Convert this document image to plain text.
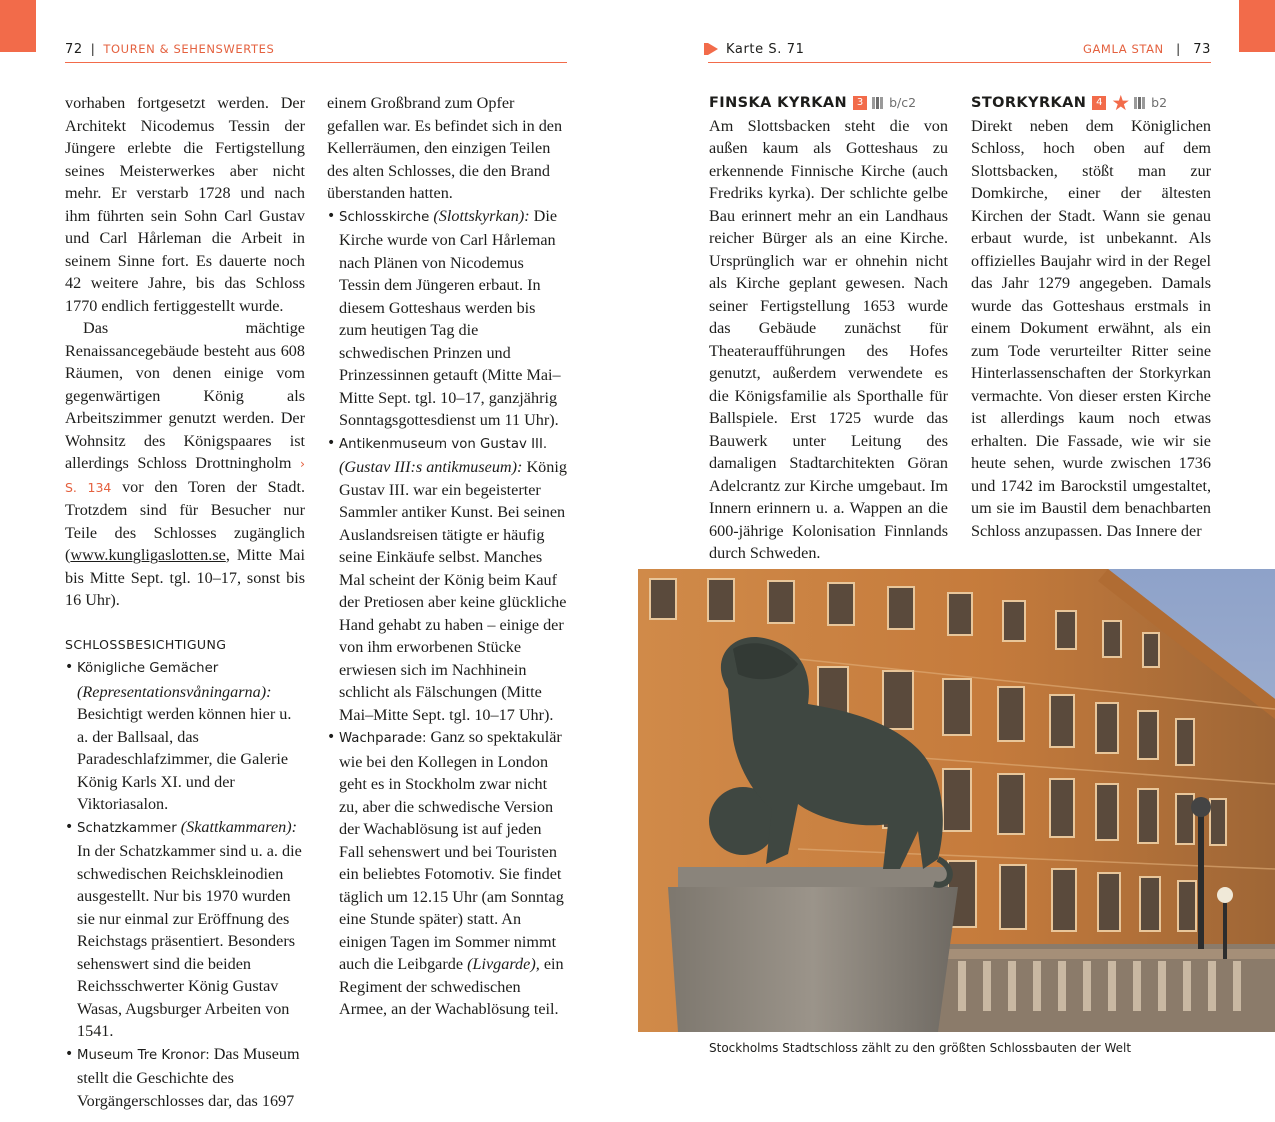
72 | TOUREN & SEHENSWERTES	Karte S. 71	GAMLA STAN | 73

vorhaben fortgesetzt werden. Der Architekt Nicodemus Tessin der Jüngere erlebte die Fertigstellung seines Meisterwerkes aber nicht mehr. Er verstarb 1728 und nach ihm führten sein Sohn Carl Gustav und Carl Hårleman die Arbeit in seinem Sinne fort. Es dauerte noch 42 weitere Jahre, bis das Schloss 1770 endlich fertiggestellt wurde.

Das mächtige Renaissancegebäude besteht aus 608 Räumen, von denen einige vom gegenwärtigen König als Arbeitszimmer genutzt werden. Der Wohnsitz des Königspaares ist allerdings Schloss Drottningholm › S. 134 vor den Toren der Stadt. Trotzdem sind für Besucher nur Teile des Schlosses zugänglich (www.kungligaslotten.se, Mitte Mai bis Mitte Sept. tgl. 10–17, sonst bis 16 Uhr).

SCHLOSSBESICHTIGUNG

• Königliche Gemächer (Representationsvåningarna): Besichtigt werden können hier u. a. der Ballsaal, das Paradeschlafzimmer, die Galerie König Karls XI. und der Viktoriasalon.
• Schatzkammer (Skattkammaren): In der Schatzkammer sind u. a. die schwedischen Reichskleinodien ausgestellt. Nur bis 1970 wurden sie nur einmal zur Eröffnung des Reichstags präsentiert. Besonders sehenswert sind die beiden Reichsschwerter König Gustav Wasas, Augsburger Arbeiten von 1541.
• Museum Tre Kronor: Das Museum stellt die Geschichte des Vorgängerschlosses dar, das 1697

einem Großbrand zum Opfer gefallen war. Es befindet sich in den Kellerräumen, den einzigen Teilen des alten Schlosses, die den Brand überstanden hatten.

• Schlosskirche (Slottskyrkan): Die Kirche wurde von Carl Hårleman nach Plänen von Nicodemus Tessin dem Jüngeren erbaut. In diesem Gotteshaus werden bis zum heutigen Tag die schwedischen Prinzen und Prinzessinnen getauft (Mitte Mai–Mitte Sept. tgl. 10–17, ganzjährig Sonntagsgottesdienst um 11 Uhr).
• Antikenmuseum von Gustav III. (Gustav III:s antikmuseum): König Gustav III. war ein begeisterter Sammler antiker Kunst. Bei seinen Auslandsreisen tätigte er häufig seine Einkäufe selbst. Manches Mal scheint der König beim Kauf der Pretiosen aber keine glückliche Hand gehabt zu haben – einige der von ihm erworbenen Stücke erwiesen sich im Nachhinein schlicht als Fälschungen (Mitte Mai–Mitte Sept. tgl. 10–17 Uhr).
• Wachparade: Ganz so spektakulär wie bei den Kollegen in London geht es in Stockholm zwar nicht zu, aber die schwedische Version der Wachablösung ist auf jeden Fall sehenswert und bei Touristen ein beliebtes Fotomotiv. Sie findet täglich um 12.15 Uhr (am Sonntag eine Stunde später) statt. An einigen Tagen im Sommer nimmt auch die Leibgarde (Livgarde), ein Regiment der schwedischen Armee, an der Wachablösung teil.
FINSKA KYRKAN 3	b/c2

Am Slottsbacken steht die von außen kaum als Gotteshaus zu erkennende Finnische Kirche (auch Fredriks kyrka). Der schlichte gelbe Bau erinnert mehr an ein Landhaus reicher Bürger als an eine Kirche. Ursprünglich war er ohnehin nicht als Kirche geplant gewesen. Nach seiner Fertigstellung 1653 wurde das Gebäude zunächst für Theateraufführungen des Hofes genutzt, außerdem verwendete es die Königsfamilie als Sporthalle für Ballspiele. Erst 1725 wurde das Bauwerk unter Leitung des damaligen Stadtarchitekten Göran Adelcrantz zur Kirche umgebaut. Im Innern erinnern u. a. Wappen an die 600-jährige Kolonisation Finnlands durch Schweden.

STORKYRKAN 4 ★ b2

Direkt neben dem Königlichen Schloss, hoch oben auf dem Slottsbacken, stößt man zur Domkirche, einer der ältesten Kirchen der Stadt. Wann sie genau erbaut wurde, ist unbekannt. Als offizielles Baujahr wird in der Regel das Jahr 1279 angegeben. Damals wurde das Gotteshaus erstmals in einem Dokument erwähnt, als ein zum Tode verurteilter Ritter seine Hinterlassenschaften der Storkyrkan vermachte. Von dieser ersten Kirche ist allerdings kaum noch etwas erhalten. Die Fassade, wie wir sie heute sehen, wurde zwischen 1736 und 1742 im Barockstil umgestaltet, um sie im Baustil dem benachbarten Schloss anzupassen. Das Innere der

Stockholms Stadtschloss zählt zu den größten Schlossbauten der Welt
